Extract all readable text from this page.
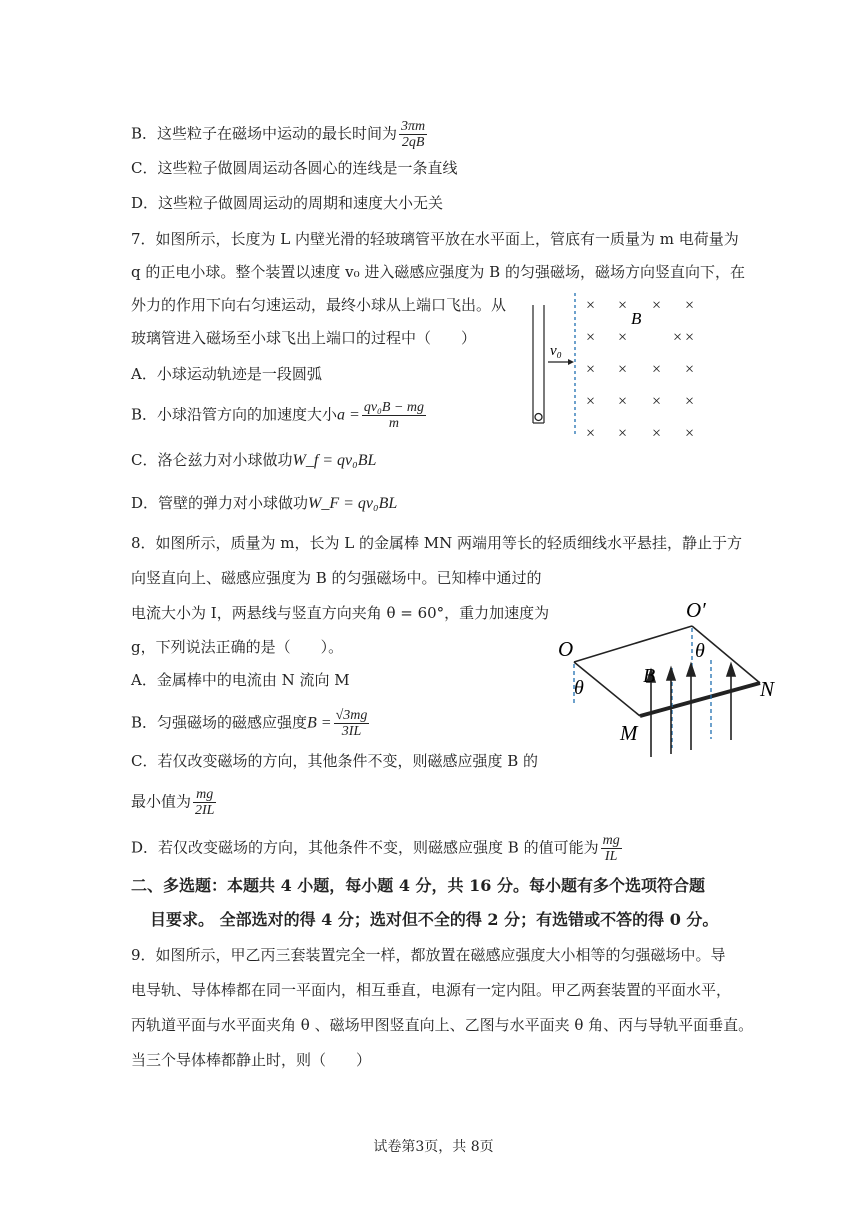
B．这些粒子在磁场中运动的最长时间为 $\frac{3\pi m}{2qB}$
C．这些粒子做圆周运动各圆心的连线是一条直线
D．这些粒子做圆周运动的周期和速度大小无关
7．如图所示，长度为 L 内壁光滑的轻玻璃管平放在水平面上，管底有一质量为 m 电荷量为
q 的正电小球。整个装置以速度 v₀ 进入磁感应强度为 B 的匀强磁场，磁场方向竖直向下，在
外力的作用下向右匀速运动，最终小球从上端口飞出。从
玻璃管进入磁场至小球飞出上端口的过程中（　　）
A．小球运动轨迹是一段圆弧
B．小球沿管方向的加速度大小$a = \frac{\text{qv₀B − mg}}{m}$
C．洛仑兹力对小球做功W_f = qv₀BL
D．管壁的弹力对小球做功W_F = qv₀BL
v₀
× × × ×
× ×	×
× × × ×
× × × ×
× × × ×
×
B
8．如图所示，质量为 m，长为 L 的金属棒 MN 两端用等长的轻质细线水平悬挂，静止于方
向竖直向上、磁感应强度为 B 的匀强磁场中。已知棒中通过的
电流大小为 I，两悬线与竖直方向夹角 θ = 60°，重力加速度为
g，下列说法正确的是（　　）。
A．金属棒中的电流由 N 流向 M
B．匀强磁场的磁感应强度$B = \frac{√3mg}{3IL}$
C．若仅改变磁场的方向，其他条件不变，则磁感应强度 B 的
最小值为 $\frac{mg}{2IL}$
D．若仅改变磁场的方向，其他条件不变，则磁感应强度 B 的值可能为 $\frac{mg}{IL}$
O
O′
θ
θ
B
M
N
二、多选题：本题共 4 小题，每小题 4 分，共 16 分。每小题有多个选项符合题
目要求。 全部选对的得 4 分；选对但不全的得 2 分；有选错或不答的得 0 分。
9．如图所示，甲乙丙三套装置完全一样，都放置在磁感应强度大小相等的匀强磁场中。导
电导轨、导体棒都在同一平面内，相互垂直，电源有一定内阻。甲乙两套装置的平面水平，
丙轨道平面与水平面夹角 θ 、磁场甲图竖直向上、乙图与水平面夹 θ 角、丙与导轨平面垂直。
当三个导体棒都静止时，则（　　）
试卷第3页，共 8页
